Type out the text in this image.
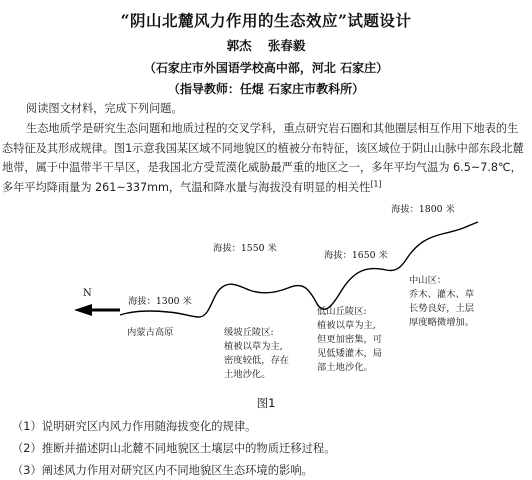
“阴山北麓风力作用的生态效应”试题设计
郭杰 张春毅
（石家庄市外国语学校高中部，河北 石家庄）
（指导教师：任焜 石家庄市教科所）
阅读图文材料，完成下列问题。
生态地质学是研究生态问题和地质过程的交叉学科，重点研究岩石圈和其他圈层相互作用下地表的生态特征及其形成规律。图1示意我国某区域不同地貌区的植被分布特征，该区域位于阴山山脉中部东段北麓地带，属于中温带半干旱区，是我国北方受荒漠化威胁最严重的地区之一，多年平均气温为 6.5~7.8℃，多年平均降雨量为 261~337mm，气温和降水量与海拔没有明显的相关性[1]
N
内蒙古高原
海拔：1300 米
海拔：1550 米
海拔：1650 米
海拔：1800 米
缓坡丘陵区:
植被以草为主,
密度较低，存在
土地沙化。
低山丘陵区:
植被以草为主,
但更加密集，可
见低矮灌木，局
部土地沙化。
中山区：
乔木、灌木、草
长势良好，土层
厚度略微增加。
图1
（1）说明研究区内风力作用随海拔变化的规律。
（2）推断并描述阴山北麓不同地貌区土壤层中的物质迁移过程。
（3）阐述风力作用对研究区内不同地貌区生态环境的影响。
